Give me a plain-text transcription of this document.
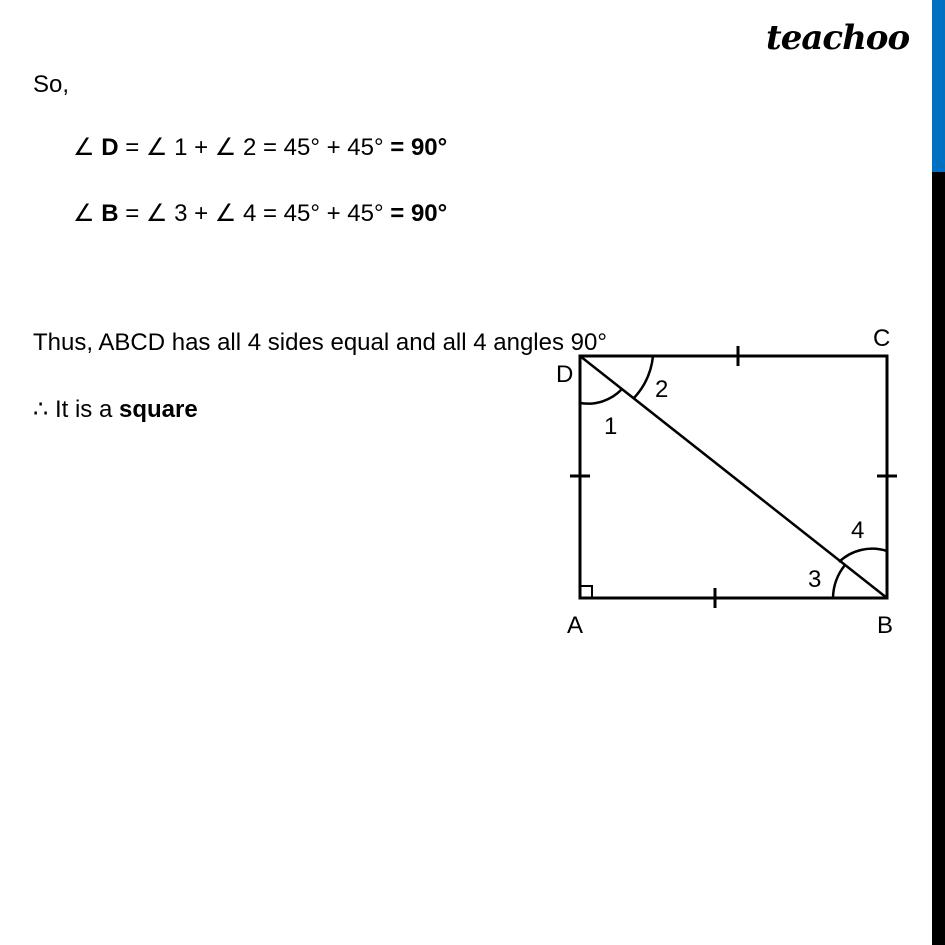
teachoo
So,
∠ D = ∠ 1 + ∠ 2 = 45° + 45° = 90°
∠ B = ∠ 3 + ∠ 4 = 45° + 45° = 90°
Thus, ABCD has all 4 sides equal and all 4 angles 90°
∴ It is a square
D
C
A	B
1
2
3
4
